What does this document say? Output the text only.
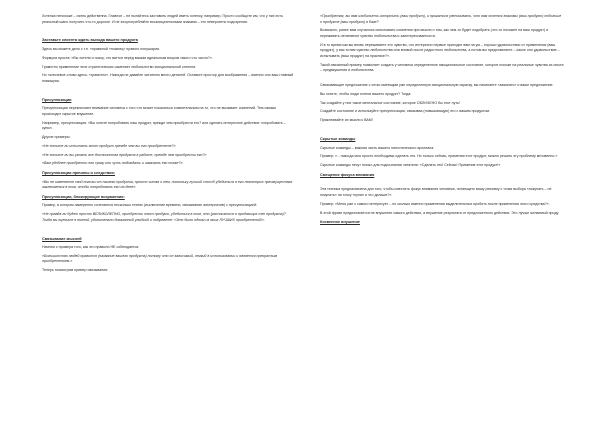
Хотелка непохоже – очень действенна. Главное – не пытайтесь заставить людей иметь хотелку, например. Просто сообщите им, что у них есть реальный шанс получить что-то дорогое. И не злоупотребляйте восклицательными знаками – это невероятно подозрения.

Заставьте клиента ждать выхода вашего продукта

Здесь вы можете дело с т.н. «правилой «ножниц» правого полушария.

Формула проста: «Вы хотели и покоу, что ваттся перед вашим идеальным взором такого что число?».

Грамотно применение этих стратегических изменяет любопытство эмоциональной степени.

Но «ключевое слово здесь: «грамотно». Никогда не давайте читателю много деталей. Оставьте простор для воображения – именно оно ваш главный помощник.

Пресуппозиции

Пресуппозиции переключают внимание человека с того что может показаться сомнительным на то, что не вызывает сомнений. Тем самым происходит скрытое внушение.

Например, пресуппозиция: «Вы хотите попробовать наш продукт, прежде чем приобрести его? или сделать интересное действие: попробовать – купил.

Другие примеры:

«Не хотите ли испытать этот продукт прежде чем вы его приобретете?»

«Не хотите ли вы узнать все достоинства продукта в работе, прежде чем приобрести его?»

«Вам удобнее приобрести его сразу или чуть подождать и заказать его позже?».

Пресуппозиции причины и следствия:

«Вы не изменяете свой пользы от нашего продукта, просто читая о нем, поскольку лучший способ убедиться в его некоторых преимуществах заключается в том, чтобы попробовать его на деле».

Пресуппозиции, блокирующие возражения:

Пример, в котором намеренно сочетаются несколько техник (исключение времени, связывание альтернатив) с пресуппозицией:

«Не правда ли будет просто ВЕЛИКОЛЕПНО, приобрести этот продукт, убедиться в том, что (расписаться о продающих тех продукта)? Тогда вы оцените в полной, удивительно доказанной улыбкой и подумаете: «Это было одним из моих ЛУЧШИХ приобретений!».

Связывание мыслей

Начнем с примера того, как это правило НЕ соблюдается:

«Большинство людей нравится (название вашего продукта) потому что он зависимый, легкий в использовании и является прекрасным приобретением.»

Теперь посмотрим пример связывания:

«Приобретая, вы вам изобильеть испортить (ваш продукт), и пригаться увеличивать, что вам хочется знакомы (ваш продукт) побольше о продукте (ваш продукт) в баге?

Возможно, ранее вам случалось испытывать сомнения при мысли о том, как чем-то будет подобрать (что-то похожее на ваш продукт) и переживать негативное чувство любопытства и заинтересованности.

И в то время как вы вновь переживаете это чувство, что интересно первые приходит вам на ум – хорошо удовольствии от применения (ваш продукт), у вас хотим чувство любопытства или вновой после радостного любопытства, а потом вы представляете – какое оно удовольствие – испытывать (ваш продукт) на практике?».

Такой связанный пример позволяет создать у человека определенное эмоциональное состояние, которое похоже на реальные чувства из опыта – предвкушения и любопытства.

Связывающие предложение с четко имеющим уже определенную эмоциональную окраску, вы начинаете «зажигать» и ваше предложение.

Вы хотите, чтобы люди хотели вашего продукт? Тогда:

Так создайте у них такое ментальное состояние, которое ОБЛИЧЕНО бы этот путь!

Создайте состояние и используйте пресуппозиции, связывая (повышающую) его с вашим продуктом.

Приклеивайте их мысли к ВАМ!

Скрытые команды

Скрытые команды – важная часть вашего гипнотического арсенала.

Пример: «…никогда моя просто необходимо сделать это. Но только сейчас, применяя этот продукт, можно решить эту проблему мгновенно.»

Скрытые команды несут посыл для подсознания читателя: «Сделать это! Сейчас! Применив этот продукт!»

Смещение фокуса внимания

Эта техника предназначена для того, чтобы сместить фокус внимания человека, читающего вашу рекламу с точки выбора «покупать – не покупать» на точку «купил и что дальше?».

Пример: «Меня уже с самого интересует – по сколько именно применения выделительных пробить после применения этого средства?».

В этой фразе предполагается не внушение самого действия, а внушение результата от предложенного действия. Это лучше желаемый проду.

Косвенное внушение
